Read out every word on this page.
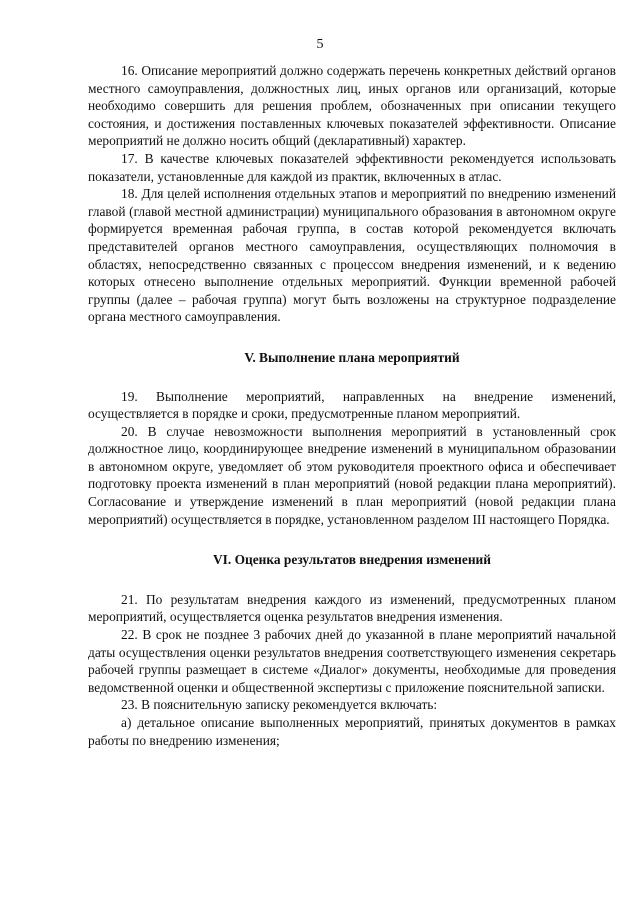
5

16. Описание мероприятий должно содержать перечень конкретных действий органов местного самоуправления, должностных лиц, иных органов или организаций, которые необходимо совершить для решения проблем, обозначенных при описании текущего состояния, и достижения поставленных ключевых показателей эффективности. Описание мероприятий не должно носить общий (декларативный) характер.

17. В качестве ключевых показателей эффективности рекомендуется использовать показатели, установленные для каждой из практик, включенных в атлас.

18. Для целей исполнения отдельных этапов и мероприятий по внедрению изменений главой (главой местной администрации) муниципального образования в автономном округе формируется временная рабочая группа, в состав которой рекомендуется включать представителей органов местного самоуправления, осуществляющих полномочия в областях, непосредственно связанных с процессом внедрения изменений, и к ведению которых отнесено выполнение отдельных мероприятий. Функции временной рабочей группы (далее – рабочая группа) могут быть возложены на структурное подразделение органа местного самоуправления.

V. Выполнение плана мероприятий

19. Выполнение мероприятий, направленных на внедрение изменений, осуществляется в порядке и сроки, предусмотренные планом мероприятий.

20. В случае невозможности выполнения мероприятий в установленный срок должностное лицо, координирующее внедрение изменений в муниципальном образовании в автономном округе, уведомляет об этом руководителя проектного офиса и обеспечивает подготовку проекта изменений в план мероприятий (новой редакции плана мероприятий). Согласование и утверждение изменений в план мероприятий (новой редакции плана мероприятий) осуществляется в порядке, установленном разделом III настоящего Порядка.

VI. Оценка результатов внедрения изменений

21. По результатам внедрения каждого из изменений, предусмотренных планом мероприятий, осуществляется оценка результатов внедрения изменения.

22. В срок не позднее 3 рабочих дней до указанной в плане мероприятий начальной даты осуществления оценки результатов внедрения соответствующего изменения секретарь рабочей группы размещает в системе «Диалог» документы, необходимые для проведения ведомственной оценки и общественной экспертизы с приложение пояснительной записки.

23. В пояснительную записку рекомендуется включать:

а) детальное описание выполненных мероприятий, принятых документов в рамках работы по внедрению изменения;
